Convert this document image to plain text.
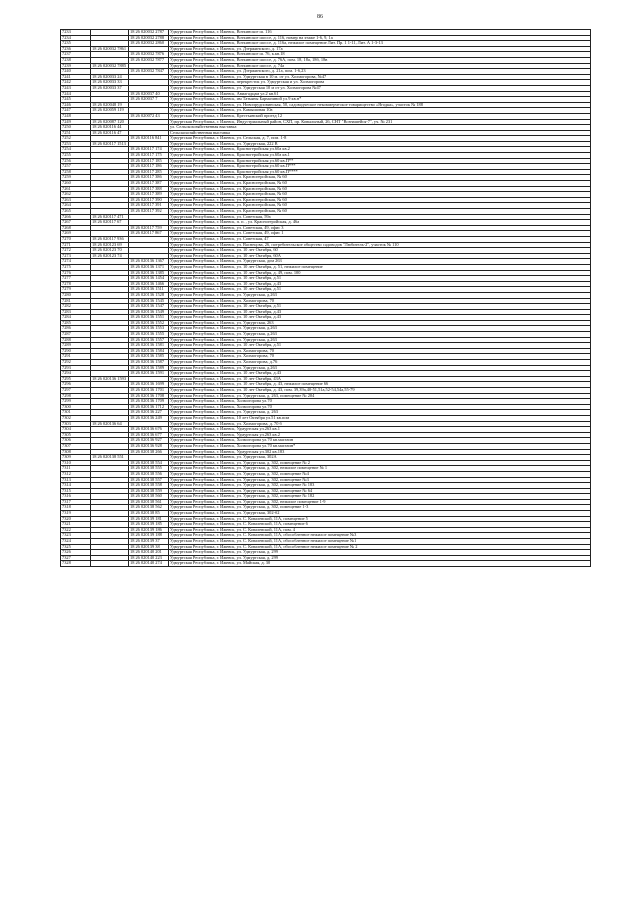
86
7233		18 26 020032 2787	Удмуртская Республика, г. Ижевск, Воткинское ш. 116
7234		18 26 020032 2788	Удмуртская Республика, г. Ижевск, Воткинское шоссе, д. 116, номер на этаже 1-6, 9, 1а
7235		18 26 020032 2860	Удмуртская Республика, г. Ижевск, Воткинское шоссе, д. 116а, нежилое помещение Лит. Пр. 1 1-11, Лит. А 1-3-13
7236	18 26 020032 7861		Удмуртская Республика, г. Ижевск, ул. Дзержинского, д. 17а
7237		18 26 020032 7876	Удмуртская Республика, г. Ижевск, Воткинское ш. 76, к.кв.18
7238		18 26 020032 7877	Удмуртская Республика, г. Ижевск, Воткинское шоссе, д. 76А, пом. 18, 18а, 18б, 18в
7239	18 26 020032 7885		Удмуртская Республика, г. Ижевск, Воткинское шоссе, д. 74а
7240		18 26 020032 7847	Удмуртская Республика, г. Ижевск, ул. Дзержинского, д. 21а, пом. 1-6,23
7241	18 26 020033 24		Удмуртская Республика, г. Ижевск, ул. Удмуртская в 10 м. от ул. Холмогорова, №47
7242	18 26 020033 33		Удмуртская Республика, г. Ижевск, перекресток ул. Удмуртская и ул. Холмогорова
7243	18 26 020033 37		Удмуртская Республика, г. Ижевск, ул. Удмуртская 10 м от ул. Холмогорова №47
7244		18 26 020037 40	Удмуртская Республика, г. Ижевск, Авиагадцам ул.2 кв.61
7245		18 26 020037 7	Удмуртская Республика, г. Ижевск, им Татьяны Бармазиной ул.9 кв.н*
7246	18 26 020048 19		Удмуртская Республика, г. Ижевск, ул. Новопрудповинская, 50, садоводческое некоммерческое товарищество «Ягодка», участок № 188
7247	18 26 020059 119		Удмуртская Республика, г. Ижевск, ул. Камышовая 10а
7248		18 26 020072 43	Удмуртская Республика, г. Ижевск, Крестьянский проезд 12
7249	18 26 020087 120		Удмуртская Республика, г. Ижевск, Индустриальный район, СХП, пр. Ковыльный, 26, СНТ "Вознашейся-7", уч. № 231
7250	18 26 020116 44		ул. Сельскохозяйственная выставка
7251	18 26 020116 47		Сельскохозяйственная выставка
7252		18 26 020116 841	Удмуртская Республика, г. Ижевск, ул. Сельская, д. 7, пом. 1-8
7253	18 26 020117 1513		Удмуртская Республика, г. Ижевск, ул. Удмуртская, 222 В
7254		18 26 020117 174	Удмуртская Республика, г. Ижевск, Красногеройская ул.60а кв.2
7255		18 26 020117 175	Удмуртская Республика, г. Ижевск, Красногеройская ул.60а кв.1
7256		18 26 020117 185	Удмуртская Республика, г. Ижевск, Красногеройская ул.60 кв.П**
7257		18 26 020117 186	Удмуртская Республика, г. Ижевск, Красногеройская ул.60 кв.П***
7258		18 26 020117 285	Удмуртская Республика, г. Ижевск, Красногеройская ул.60 кв.П****
7259		18 26 020117 386	Удмуртская Республика, г. Ижевск, ул. Красногеройская, № 60
7260		18 26 020117 387	Удмуртская Республика, г. Ижевск, ул. Красногеройская, № 60
7261		18 26 020117 388	Удмуртская Республика, г. Ижевск, ул. Красногеройская, № 60
7262		18 26 020117 389	Удмуртская Республика, г. Ижевск, ул. Красногеройская, № 60
7263		18 26 020117 390	Удмуртская Республика, г. Ижевск, ул. Красногеройская, № 60
7264		18 26 020117 391	Удмуртская Республика, г. Ижевск, ул. Красногеройская, № 60
7265		18 26 020117 392	Удмуртская Республика, г. Ижевск, ул. Красногеройская, № 60
7266	18 26 020117 471		Удмуртская Республика, г. Ижевск, ул. Советская, 59а
7267	18 26 020117 67		Удмуртская Республика, г. Ижевск, п. п. , ул. Красногеройская, д. 46а
7268		18 26 020117 759	Удмуртская Республика, г. Ижевск, ул. Советская, 49, офис 3
7269		18 26 020117 867	Удмуртская Республика, г. Ижевск, ул. Советская, 49, офис 1
7270	18 26 020117 936		Удмуртская Республика, г. Ижевск, ул. Советская, 47
7271	18 26 020123 69		Удмуртская Республика, г. Ижевск, ул. Васнецова, 26, потребительское общество садоводов "Любитель-2", участок № 110
7272	18 26 020123 70		Удмуртская Республика, г. Ижевск, ул. 10 лет Октября, 60
7273	18 26 020123 74		Удмуртская Республика, г. Ижевск, ул. 10 лет Октября, 60А
7274		18 26 020136 1367	Удмуртская Республика, г. Ижевск, ул. Удмуртская, дом 263
7275		18 26 020136 1371	Удмуртская Республика, г. Ижевск, ул. 10 лет Октября, д. 51, нежилое помещение
7276		18 26 020136 1385	Удмуртская Республика, г. Ижевск, ул. 10 лет Октября, д. 49, пом. 100
7277		18 26 020136 1454	Удмуртская Республика, г. Ижевск, ул. 10 лет Октября, д.51
7278		18 26 020136 1466	Удмуртская Республика, г. Ижевск, ул. 10 лет Октября, д.43
7279		18 26 020136 1511	Удмуртская Республика, г. Ижевск, ул. 10 лет Октября, д.51
7280		18 26 020136 1528	Удмуртская Республика, г. Ижевск, ул. Удмуртская, д.263
7281		18 26 020136 1545	Удмуртская Республика, г. Ижевск, ул. Холмогорова, 70
7282		18 26 020136 1547	Удмуртская Республика, г. Ижевск, ул. 10 лет Октября, д.51
7283		18 26 020136 1549	Удмуртская Республика, г. Ижевск, ул. 10 лет Октября, д.43
7284		18 26 020136 1551	Удмуртская Республика, г. Ижевск, ул. 10 лет Октября, д.43
7285		18 26 020136 1552	Удмуртская Республика, г. Ижевск, ул. Удмуртская, 263
7286		18 26 020136 1553	Удмуртская Республика, г. Ижевск, ул. Удмуртская, д.263
7287		18 26 020136 1555	Удмуртская Республика, г. Ижевск, ул. Удмуртская, д.263
7288		18 26 020136 1557	Удмуртская Республика, г. Ижевск, ул. Удмуртская, д.263
7289		18 26 020136 1581	Удмуртская Республика, г. Ижевск, ул. 10 лет Октября, д.51
7290		18 26 020136 1584	Удмуртская Республика, г. Ижевск, ул. Холмогорова, 70
7291		18 26 020136 1585	Удмуртская Республика, г. Ижевск, ул. Холмогорова, 70
7292		18 26 020136 1587	Удмуртская Республика, г. Ижевск, ул. Холмогорова, д.76
7293		18 26 020136 1589	Удмуртская Республика, г. Ижевск, ул. Удмуртская, д.263
7294		18 26 020136 1591	Удмуртская Республика, г. Ижевск, ул. 10 лет Октября, д.43
7295	18 26 020136 1593		Удмуртская Республика, г. Ижевск, ул. 10 лет Октября, 43А
7296		18 26 020136 1699	Удмуртская Республика, г. Ижевск, ул. 10 лет Октября, д. 43, нежилое помещение 66
7297		18 26 020136 1701	Удмуртская Республика, г. Ижевск, ул. 10 лет Октября, д. 43, пом. 39,39а,40-51,51а,52-54,54а,55-79
7298		18 26 020136 1708	Удмуртская Республика, г. Ижевск, ул. Удмуртская, д. 263, помещение № 204
7299		18 26 020136 1709	Удмуртская Республика, г. Ижевск, Холмогорова ул.70
7300		18 26 020136 1712	Удмуртская Республика, г. Ижевск, Холмогорова ул.70
7301		18 26 020136 227	Удмуртская Республика, г. Ижевск, ул. Удмуртская, д. 263
7302		18 26 020136 249	Удмуртская Республика, г. Ижевск, 10 лет Октября ул.51 кв.пом
7303	18 26 020136 64		Удмуртская Республика, г. Ижевск, ул. Холмогорова, д. 70 б
7304		18 26 020136 676	Удмуртская Республика, г. Ижевск, Удмуртская ул.263 кв.1
7305		18 26 020136 677	Удмуртская Республика, г. Ижевск, Удмуртская ул.263 кв.2
7306		18 26 020136 927	Удмуртская Республика, г. Ижевск, Холмогорова ул.70 кв.магазин
7307		18 26 020136 928	Удмуртская Республика, г. Ижевск, Холмогорова ул.70 кв.магазин*
7308		18 26 020138 266	Удмуртская Республика, г. Ижевск, Удмуртская ул.302 кв.183
7309	18 26 020138 551		Удмуртская Республика, г. Ижевск, ул. Удмуртская, 302А
7310		18 26 020138 554	Удмуртская Республика, г. Ижевск, ул. Удмуртская, д. 302, помещение № 2
7311		18 26 020138 555	Удмуртская Республика, г. Ижевск, ул. Удмуртская, д. 302, нежилое помещение № 1
7312		18 26 020138 556	Удмуртская Республика, г. Ижевск, ул. Удмуртская, д. 302, помещение №4
7313		18 26 020138 557	Удмуртская Республика, г. Ижевск, ул. Удмуртская, д. 302, помещение №3
7314		18 26 020138 558	Удмуртская Республика, г. Ижевск, ул. Удмуртская, д. 302, помещение № 183
7315		18 26 020138 559	Удмуртская Республика, г. Ижевск, ул. Удмуртская, д. 302, помещение № 64
7316		18 26 020138 560	Удмуртская Республика, г. Ижевск, ул. Удмуртская, д. 302, помещение № 182
7317		18 26 020138 561	Удмуртская Республика, г. Ижевск, ул. Удмуртская, д. 302, нежилое помещение 1-9
7318		18 26 020138 562	Удмуртская Республика, г. Ижевск, ул. Удмуртская, д. 302, помещение 1-3
7319		18 26 020138 85	Удмуртская Республика, г. Ижевск, ул. Удмуртская, 302-б2
7320		18 26 020139 181	Удмуртская Республика, г. Ижевск, ул. С. Ковалевской, 11А, помещение 5
7321		18 26 020139 185	Удмуртская Республика, г. Ижевск, ул. С. Ковалевской, 11А, помещение 6
7322		18 26 020139 186	Удмуртская Республика, г. Ижевск, ул. С. Ковалевской, 11А, пом. 4
7323		18 26 020139 188	Удмуртская Республика, г. Ижевск, ул. С. Ковалевской, 11А, обособленное нежилое помещение №3
7324		18 26 020139 37	Удмуртская Республика, г. Ижевск, ул. С. Ковалевской, 11А, обособленное нежилое помещение №1
7325		18 26 020139 38	Удмуртская Республика, г. Ижевск, ул. С. Ковалевской, 11А, обособленное нежилое помещение № 2
7326		18 26 020140 201	Удмуртская Республика, г. Ижевск, ул. Удмуртская, д. 299
7327		18 26 020140 223	Удмуртская Республика, г. Ижевск, ул. Удмуртская, д. 299
7328		18 26 020140 274	Удмуртская Республика, г. Ижевск, ул. Майская, д. 30
